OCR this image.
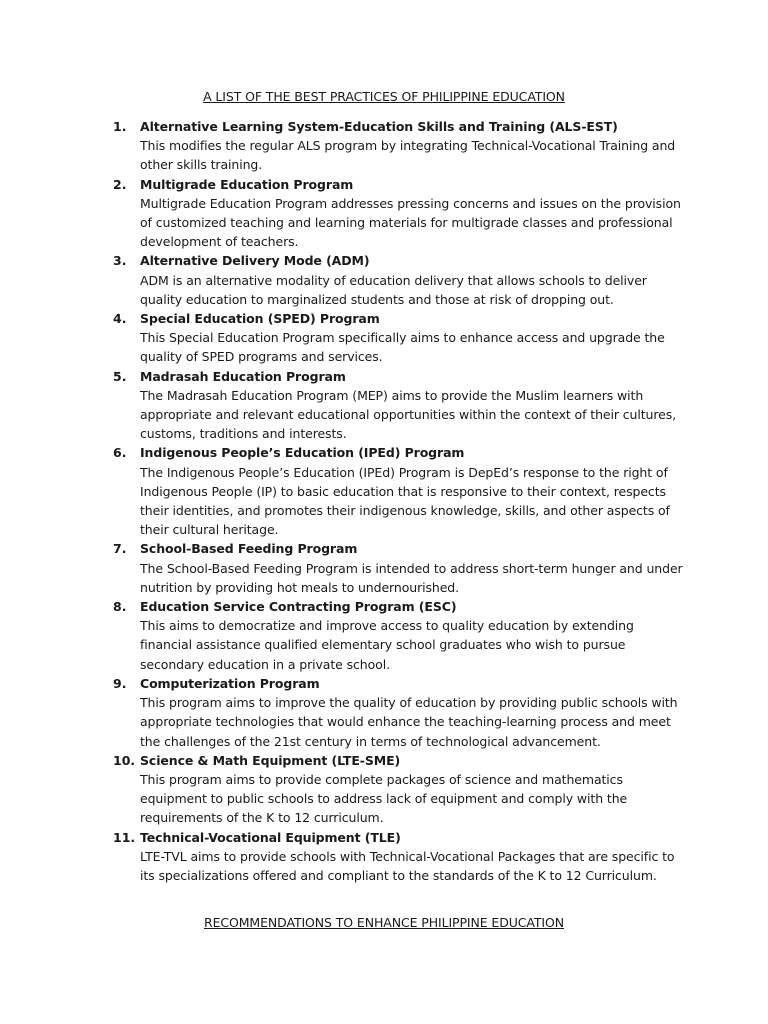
A LIST OF THE BEST PRACTICES OF PHILIPPINE EDUCATION
1.	Alternative Learning System-Education Skills and Training (ALS-EST)

This modifies the regular ALS program by integrating Technical-Vocational Training and other skills training.

2.	Multigrade Education Program

Multigrade Education Program addresses pressing concerns and issues on the provision of customized teaching and learning materials for multigrade classes and professional development of teachers.

3.	Alternative Delivery Mode (ADM)

ADM is an alternative modality of education delivery that allows schools to deliver quality education to marginalized students and those at risk of dropping out.

4.	Special Education (SPED) Program

This Special Education Program specifically aims to enhance access and upgrade the quality of SPED programs and services.

5.	Madrasah Education Program

The Madrasah Education Program (MEP) aims to provide the Muslim learners with appropriate and relevant educational opportunities within the context of their cultures, customs, traditions and interests.

6.	Indigenous People’s Education (IPEd) Program

The Indigenous People’s Education (IPEd) Program is DepEd’s response to the right of Indigenous People (IP) to basic education that is responsive to their context, respects their identities, and promotes their indigenous knowledge, skills, and other aspects of their cultural heritage.

7.	School-Based Feeding Program

The School-Based Feeding Program is intended to address short-term hunger and under nutrition by providing hot meals to undernourished.

8.	Education Service Contracting Program (ESC)

This aims to democratize and improve access to quality education by extending financial assistance qualified elementary school graduates who wish to pursue secondary education in a private school.

9.	Computerization Program

This program aims to improve the quality of education by providing public schools with appropriate technologies that would enhance the teaching-learning process and meet the challenges of the 21st century in terms of technological advancement.

10. Science & Math Equipment (LTE-SME)

This program aims to provide complete packages of science and mathematics equipment to public schools to address lack of equipment and comply with the requirements of the K to 12 curriculum.

11. Technical-Vocational Equipment (TLE)

LTE-TVL aims to provide schools with Technical-Vocational Packages that are specific to its specializations offered and compliant to the standards of the K to 12 Curriculum.

RECOMMENDATIONS TO ENHANCE PHILIPPINE EDUCATION
